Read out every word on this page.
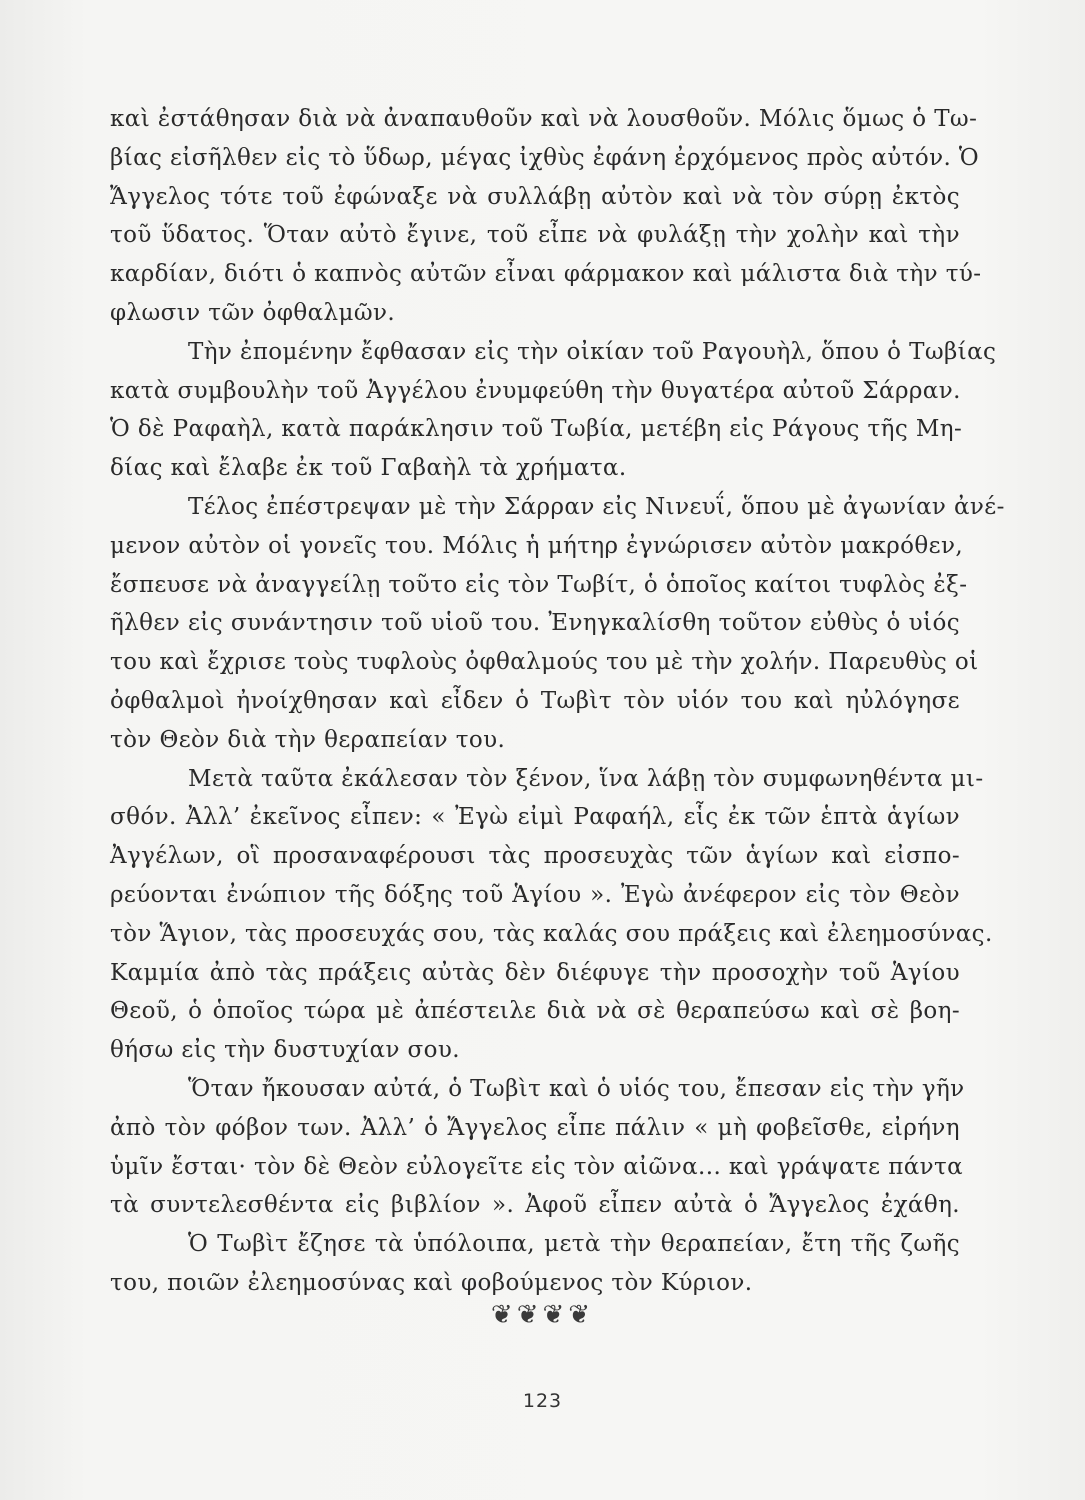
καὶ ἐστάθησαν διὰ νὰ ἀναπαυθοῦν καὶ νὰ λουσθοῦν. Μόλις ὅμως ὁ Τω-
βίας εἰσῆλθεν εἰς τὸ ὕδωρ, μέγας ἰχθὺς ἐφάνη ἐρχόμενος πρὸς αὐτόν. Ὁ
Ἄγγελος τότε τοῦ ἐφώναξε νὰ συλλάβῃ αὐτὸν καὶ νὰ τὸν σύρῃ ἐκτὸς
τοῦ ὕδατος. Ὅταν αὐτὸ ἔγινε, τοῦ εἶπε νὰ φυλάξῃ τὴν χολὴν καὶ τὴν
καρδίαν, διότι ὁ καπνὸς αὐτῶν εἶναι φάρμακον καὶ μάλιστα διὰ τὴν τύ-
φλωσιν τῶν ὀφθαλμῶν.
Τὴν ἐπομένην ἔφθασαν εἰς τὴν οἰκίαν τοῦ Ραγουὴλ, ὅπου ὁ Τωβίας
κατὰ συμβουλὴν τοῦ Ἀγγέλου ἐνυμφεύθη τὴν θυγατέρα αὐτοῦ Σάρραν.
Ὁ δὲ Ραφαὴλ, κατὰ παράκλησιν τοῦ Τωβία, μετέβη εἰς Ράγους τῆς Μη-
δίας καὶ ἔλαβε ἐκ τοῦ Γαβαὴλ τὰ χρήματα.
Τέλος ἐπέστρεψαν μὲ τὴν Σάρραν εἰς Νινευΐ, ὅπου μὲ ἀγωνίαν ἀνέ-
μενον αὐτὸν οἱ γονεῖς του. Μόλις ἡ μήτηρ ἐγνώρισεν αὐτὸν μακρόθεν,
ἔσπευσε νὰ ἀναγγείλῃ τοῦτο εἰς τὸν Τωβίτ, ὁ ὁποῖος καίτοι τυφλὸς ἐξ-
ῆλθεν εἰς συνάντησιν τοῦ υἱοῦ του. Ἐνηγκαλίσθη τοῦτον εὐθὺς ὁ υἱός
του καὶ ἔχρισε τοὺς τυφλοὺς ὀφθαλμούς του μὲ τὴν χολήν. Παρευθὺς οἱ
ὀφθαλμοὶ ἠνοίχθησαν καὶ εἶδεν ὁ Τωβὶτ τὸν υἱόν του καὶ ηὐλόγησε
τὸν Θεὸν διὰ τὴν θεραπείαν του.
Μετὰ ταῦτα ἐκάλεσαν τὸν ξένον, ἵνα λάβῃ τὸν συμφωνηθέντα μι-
σθόν. Ἀλλ’ ἐκεῖνος εἶπεν: « Ἐγὼ εἰμὶ Ραφαήλ, εἷς ἐκ τῶν ἑπτὰ ἁγίων
Ἀγγέλων, οἳ προσαναφέρουσι τὰς προσευχὰς τῶν ἁγίων καὶ εἰσπο-
ρεύονται ἐνώπιον τῆς δόξης τοῦ Ἁγίου ». Ἐγὼ ἀνέφερον εἰς τὸν Θεὸν
τὸν Ἅγιον, τὰς προσευχάς σου, τὰς καλάς σου πράξεις καὶ ἐλεημοσύνας.
Καμμία ἀπὸ τὰς πράξεις αὐτὰς δὲν διέφυγε τὴν προσοχὴν τοῦ Ἁγίου
Θεοῦ, ὁ ὁποῖος τώρα μὲ ἀπέστειλε διὰ νὰ σὲ θεραπεύσω καὶ σὲ βοη-
θήσω εἰς τὴν δυστυχίαν σου.
Ὅταν ἤκουσαν αὐτά, ὁ Τωβὶτ καὶ ὁ υἱός του, ἔπεσαν εἰς τὴν γῆν
ἀπὸ τὸν φόβον των. Ἀλλ’ ὁ Ἄγγελος εἶπε πάλιν « μὴ φοβεῖσθε, εἰρήνη
ὑμῖν ἔσται· τὸν δὲ Θεὸν εὐλογεῖτε εἰς τὸν αἰῶνα... καὶ γράψατε πάντα
τὰ συντελεσθέντα εἰς βιβλίον ». Ἀφοῦ εἶπεν αὐτὰ ὁ Ἄγγελος ἐχάθη.
Ὁ Τωβὶτ ἔζησε τὰ ὑπόλοιπα, μετὰ τὴν θεραπείαν, ἔτη τῆς ζωῆς
του, ποιῶν ἐλεημοσύνας καὶ φοβούμενος τὸν Κύριον.
❦❦❦❦
123
